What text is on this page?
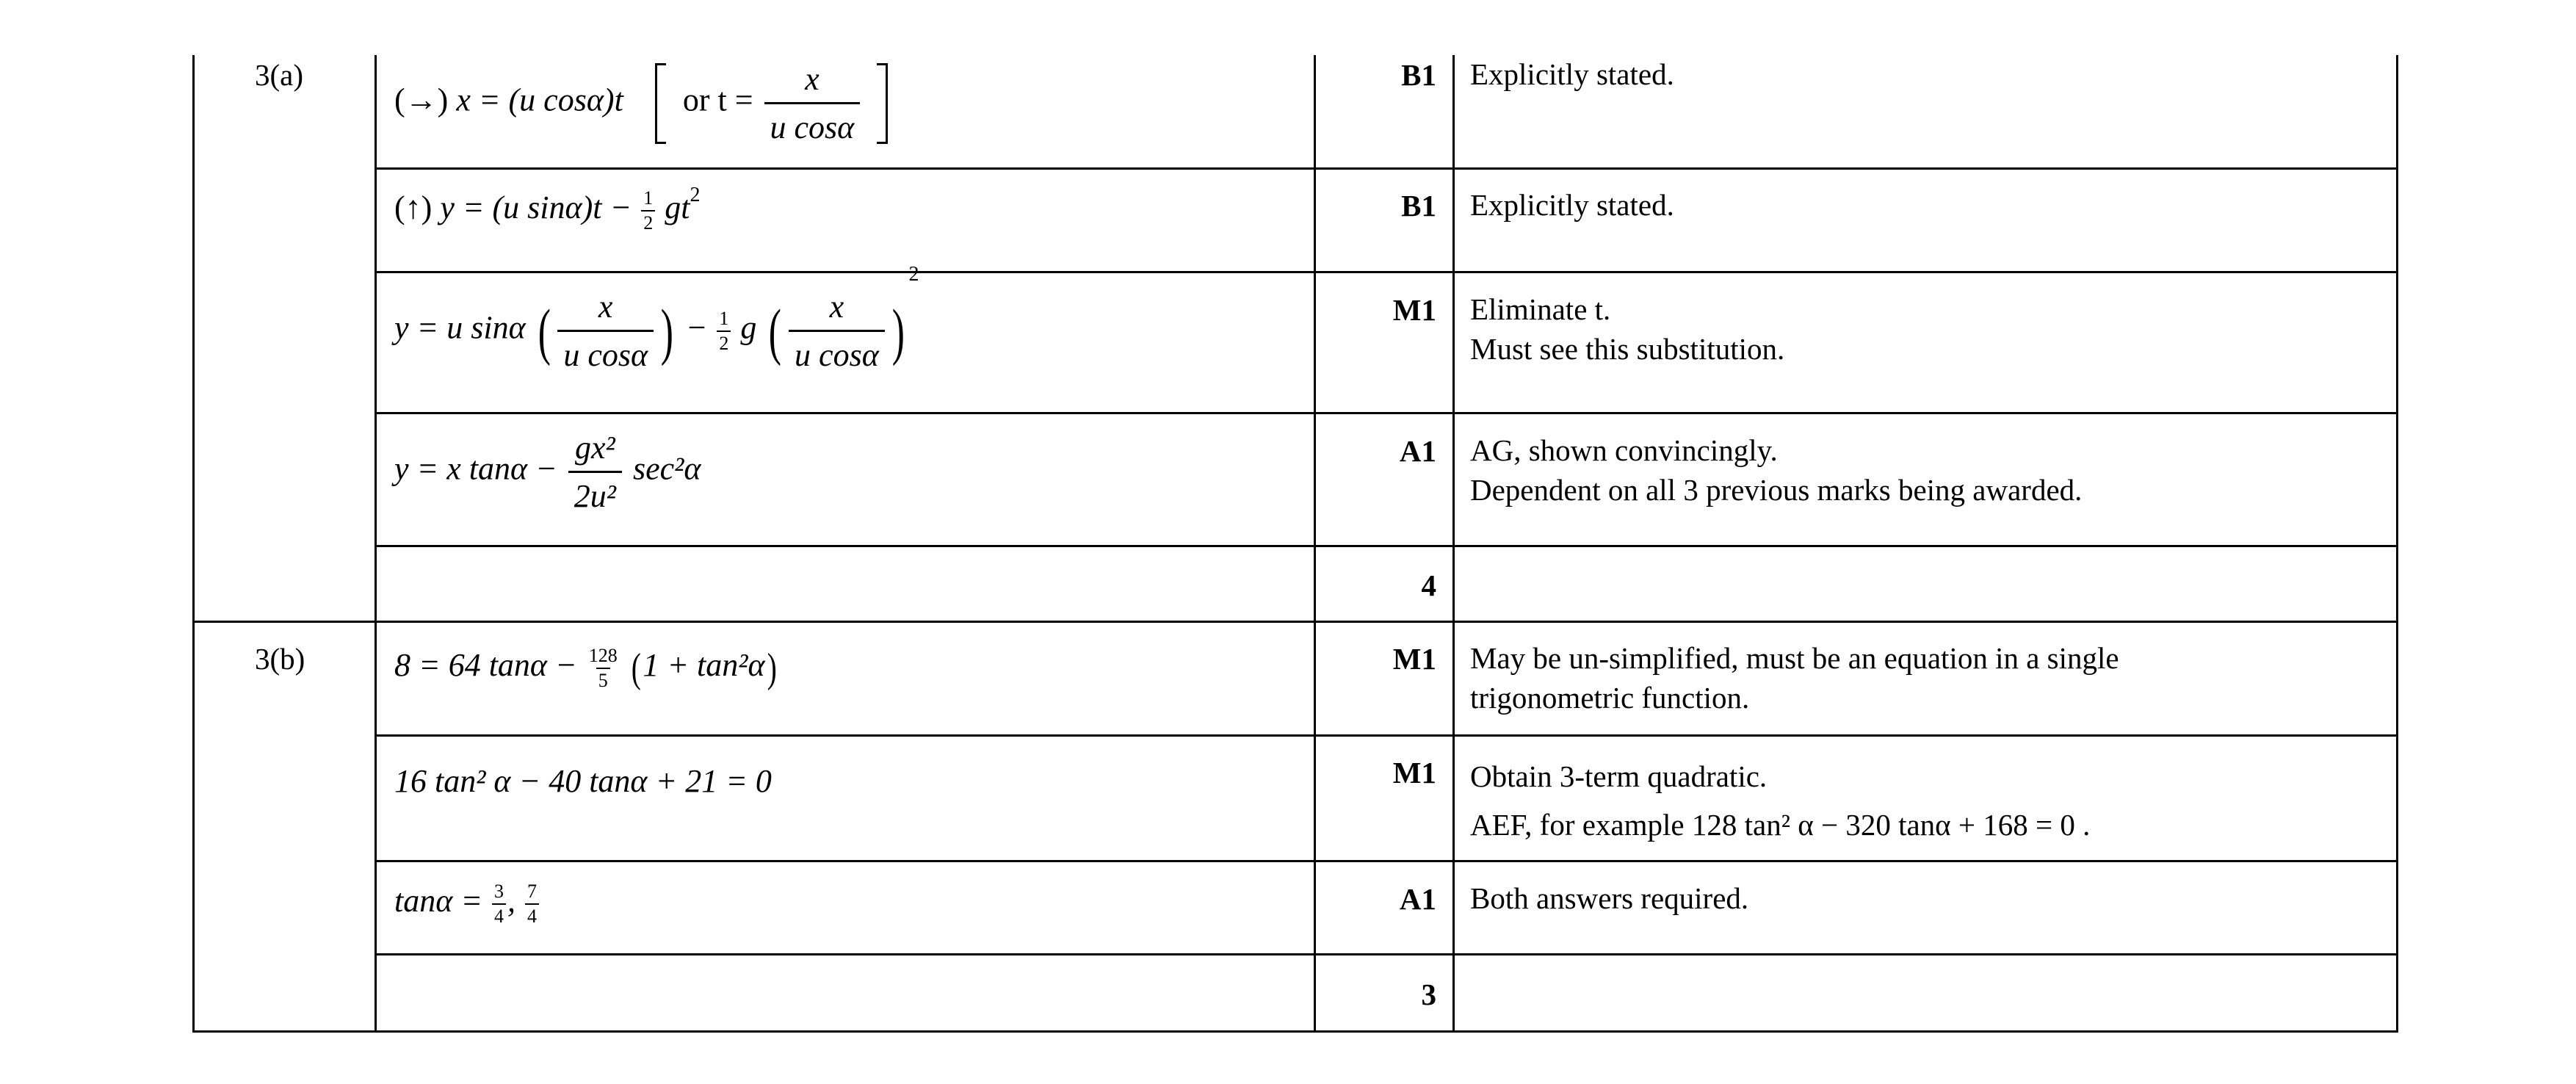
3(a)
3(b)
(→) x = (u cosα)t or $t = \frac{x}{\text{u cosα}}$

(↑) y = (u $\sin\alpha)t - \frac{1}{2} gt^2$
y = u sinα ( $\frac{x}{\text{u cosα}}$ ) − $\frac{1}{2}$ g ( $\frac{x}{\text{u cosα}} )^2$
y = x $\tan\alpha - \frac{\text{gx²}}{\text{2u²}} \sec^2\alpha$
8 = 64 $\tan\alpha - \frac{128}{5} (1 + \tan^2\alpha)$
16 tan² α − 40 tanα + 21 = 0
$\tan\alpha = \frac{3}{4}$ , $\frac{7}{4}$
B1
B1
M1
A1
4
M1
M1
A1
3
Explicitly stated.
Explicitly stated.
Eliminate t.
Must see this substitution.
AG, shown convincingly.
Dependent on all 3 previous marks being awarded.
May be un-simplified, must be an equation in a single
trigonometric function.
Obtain 3-term quadratic.
AEF, for example 128 tan² α − 320 tanα + 168 = 0 .
Both answers required.
